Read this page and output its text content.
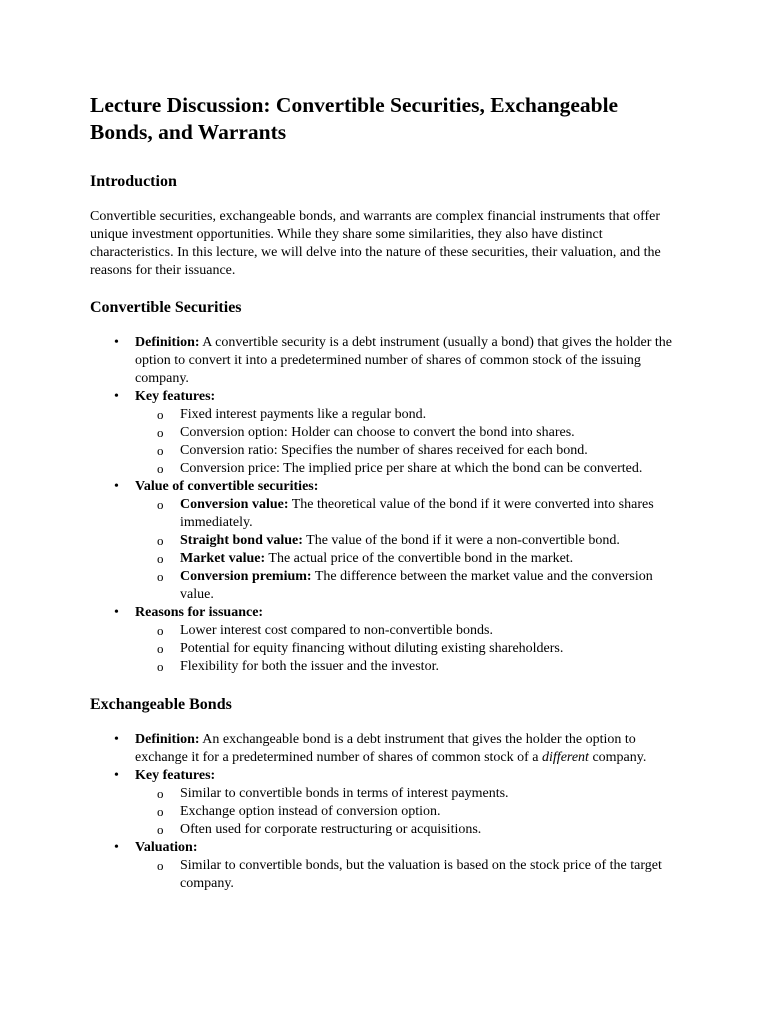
Lecture Discussion: Convertible Securities, Exchangeable Bonds, and Warrants
Introduction

Convertible securities, exchangeable bonds, and warrants are complex financial instruments that offer unique investment opportunities. While they share some similarities, they also have distinct characteristics. In this lecture, we will delve into the nature of these securities, their valuation, and the reasons for their issuance.

Convertible Securities
•	Definition: A convertible security is a debt instrument (usually a bond) that gives the holder the option to convert it into a predetermined number of shares of common stock of the issuing company.
•	Key features:
o Fixed interest payments like a regular bond.
o Conversion option: Holder can choose to convert the bond into shares.
o Conversion ratio: Specifies the number of shares received for each bond.
o Conversion price: The implied price per share at which the bond can be converted.
•	Value of convertible securities:
o Conversion value: The theoretical value of the bond if it were converted into shares immediately.
o Straight bond value: The value of the bond if it were a non-convertible bond.
o Market value: The actual price of the convertible bond in the market.
o Conversion premium: The difference between the market value and the conversion value.
•	Reasons for issuance:
o Lower interest cost compared to non-convertible bonds.
o Potential for equity financing without diluting existing shareholders.
o Flexibility for both the issuer and the investor.
Exchangeable Bonds
•	Definition: An exchangeable bond is a debt instrument that gives the holder the option to exchange it for a predetermined number of shares of common stock of a different company.
•	Key features:
o Similar to convertible bonds in terms of interest payments.
o Exchange option instead of conversion option.
o Often used for corporate restructuring or acquisitions.
•	Valuation:
o Similar to convertible bonds, but the valuation is based on the stock price of the target company.
